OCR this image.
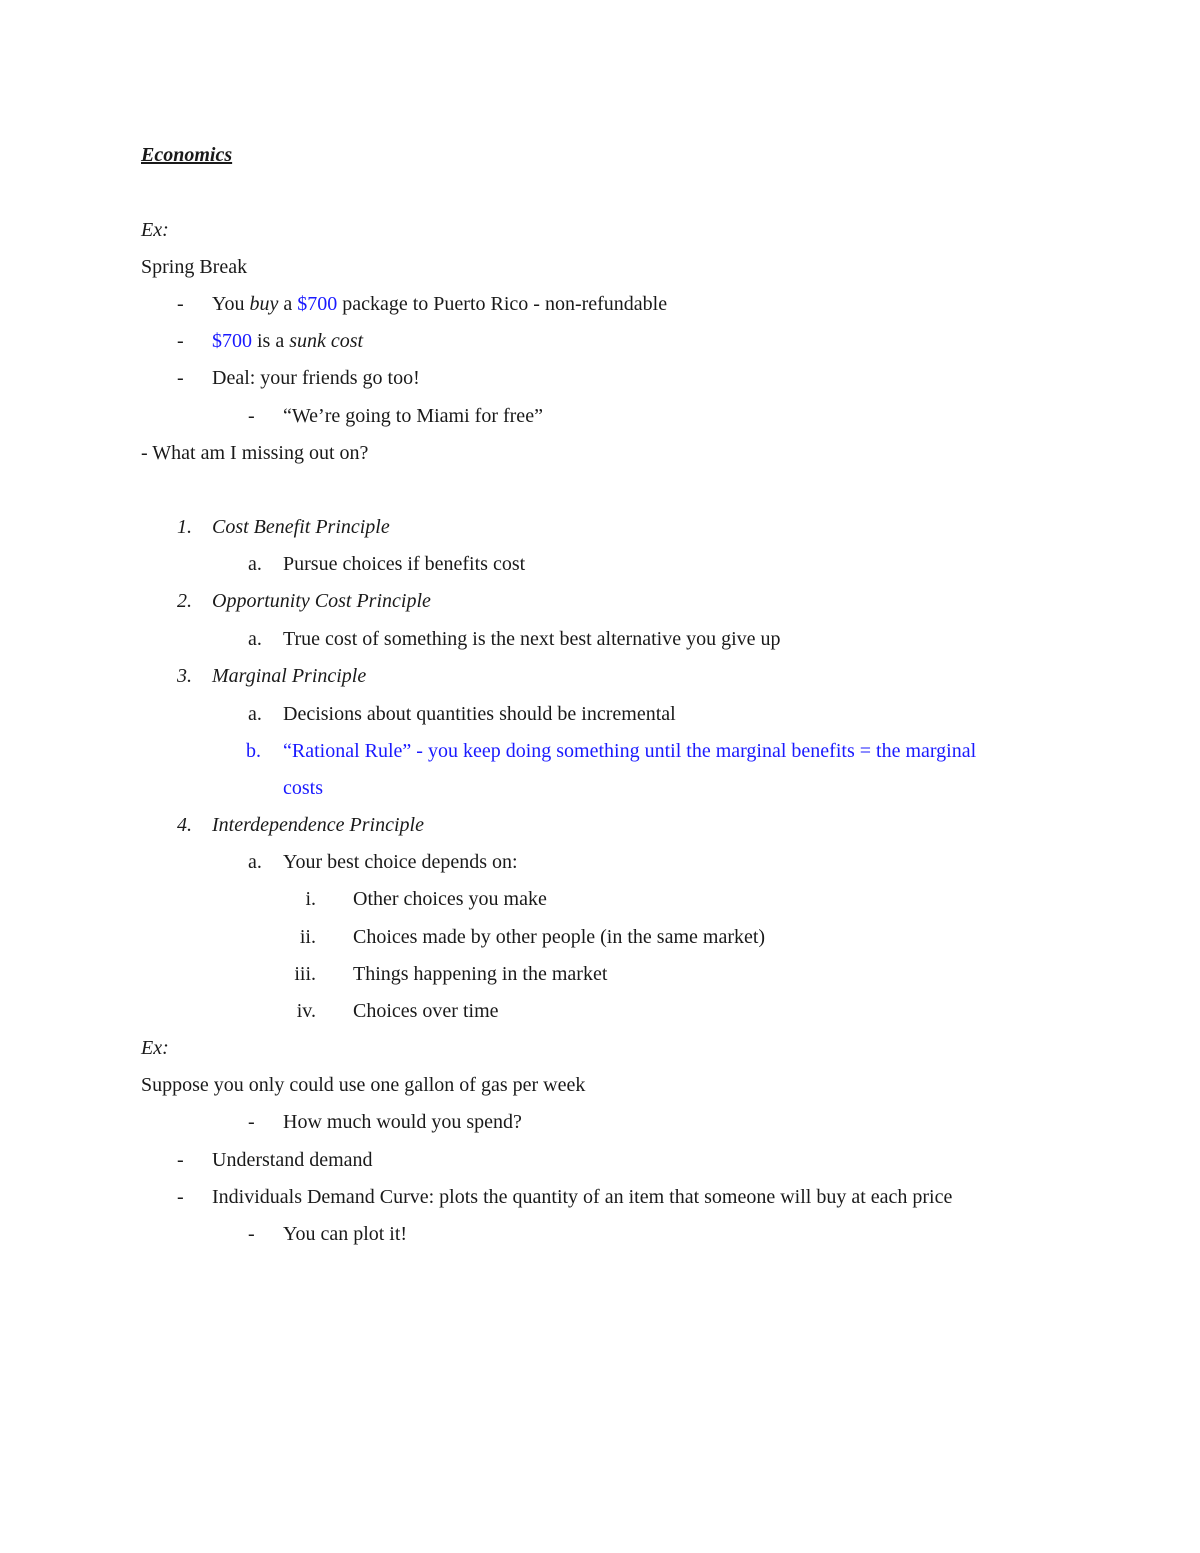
Economics
Ex:
Spring Break
- You buy a $700 package to Puerto Rico - non-refundable
- $700 is a sunk cost
- Deal: your friends go too!
- “We’re going to Miami for free”
- What am I missing out on?
1. Cost Benefit Principle
a. Pursue choices if benefits cost
2. Opportunity Cost Principle
a. True cost of something is the next best alternative you give up
3. Marginal Principle
a. Decisions about quantities should be incremental
b. “Rational Rule” - you keep doing something until the marginal benefits = the marginal
costs
4. Interdependence Principle
a. Your best choice depends on:
i. Other choices you make
ii. Choices made by other people (in the same market)
iii. Things happening in the market
iv. Choices over time
Ex:
Suppose you only could use one gallon of gas per week
- How much would you spend?
- Understand demand
- Individuals Demand Curve: plots the quantity of an item that someone will buy at each price
- You can plot it!
